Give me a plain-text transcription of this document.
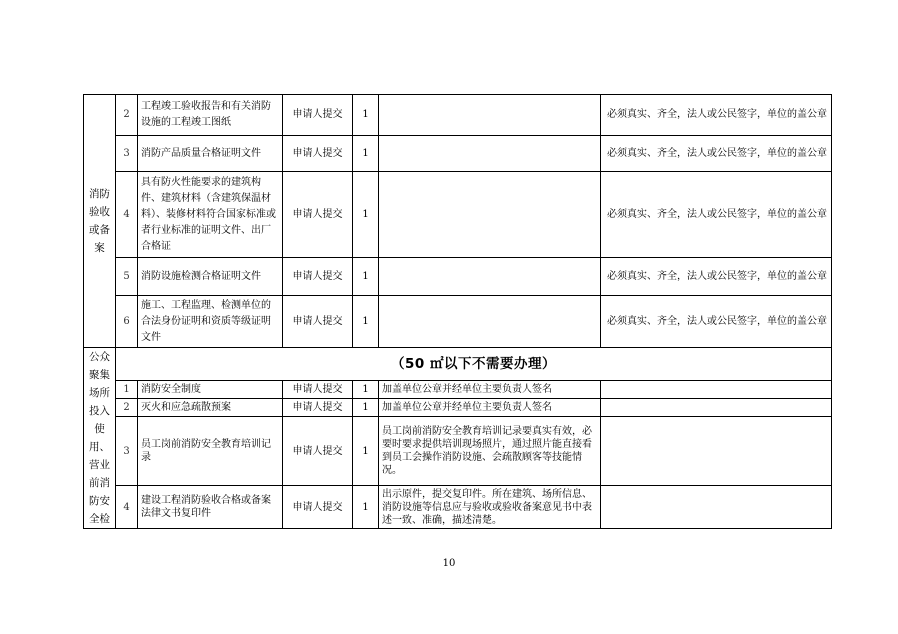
消防验收或备案	2	工程竣工验收报告和有关消防设施的工程竣工图纸	申请人提交	1		必须真实、齐全，法人或公民签字，单位的盖公章
	3	消防产品质量合格证明文件	申请人提交	1		必须真实、齐全，法人或公民签字，单位的盖公章
	4	具有防火性能要求的建筑构件、建筑材料（含建筑保温材料）、装修材料符合国家标准或者行业标准的证明文件、出厂合格证	申请人提交	1		必须真实、齐全，法人或公民签字，单位的盖公章
	5	消防设施检测合格证明文件	申请人提交	1		必须真实、齐全，法人或公民签字，单位的盖公章
	6	施工、工程监理、检测单位的合法身份证明和资质等级证明文件	申请人提交	1		必须真实、齐全，法人或公民签字，单位的盖公章
公众聚集场所投入使用、营业前消防安全检	（50 ㎡以下不需要办理）					
	1	消防安全制度	申请人提交	1	加盖单位公章并经单位主要负责人签名	
	2	灭火和应急疏散预案	申请人提交	1	加盖单位公章并经单位主要负责人签名	
	3	员工岗前消防安全教育培训记录	申请人提交	1	员工岗前消防安全教育培训记录要真实有效，必要时要求提供培训现场照片，通过照片能直接看到员工会操作消防设施、会疏散顾客等技能情况。	
	4	建设工程消防验收合格或备案法律文书复印件	申请人提交	1	出示原件，提交复印件。所在建筑、场所信息、消防设施等信息应与验收或验收备案意见书中表述一致、准确，描述清楚。	
10
